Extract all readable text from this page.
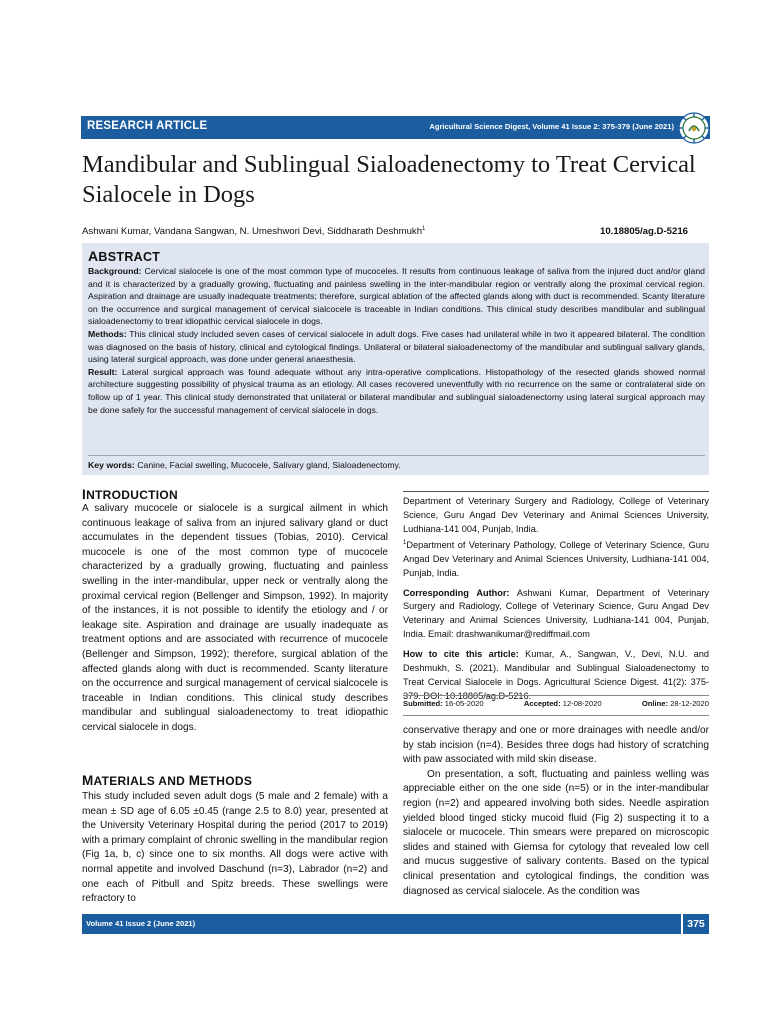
RESEARCH ARTICLE	Agricultural Science Digest, Volume 41 Issue 2: 375-379 (June 2021)
Mandibular and Sublingual Sialoadenectomy to Treat Cervical
Sialocele in Dogs
Ashwani Kumar, Vandana Sangwan, N. Umeshwori Devi, Siddharath Deshmukh$^1$	10.18805/ag.D-5216
ABSTRACT

Background: Cervical sialocele is one of the most common type of mucoceles. It results from continuous leakage of saliva from the injured duct and/or gland and it is characterized by a gradually growing, fluctuating and painless swelling in the inter-mandibular region or ventrally along the proximal cervical region. Aspiration and drainage are usually inadequate treatments; therefore, surgical ablation of the affected glands along with duct is recommended. Scanty literature on the occurrence and surgical management of cervical sialcocele is traceable in Indian conditions. This clinical study describes mandibular and sublingual sialoadenectomy to treat idiopathic cervical sialocele in dogs.

Methods: This clinical study included seven cases of cervical sialocele in adult dogs. Five cases had unilateral while in two it appeared bilateral. The condition was diagnosed on the basis of history, clinical and cytological findings. Unilateral or bilateral sialoadenectomy of the mandibular and sublingual salivary glands, using lateral surgical approach, was done under general anaesthesia.

Result: Lateral surgical approach was found adequate without any intra-operative complications. Histopathology of the resected glands showed normal architecture suggesting possibility of physical trauma as an etiology. All cases recovered uneventfully with no recurrence on the same or contralateral side on follow up of 1 year. This clinical study demonstrated that unilateral or bilateral mandibular and sublingual sialoadenectomy using lateral surgical approach may be done safely for the successful management of cervical sialocele in dogs.

Key words: Canine, Facial swelling, Mucocele, Salivary gland, Sialoadenectomy.
INTRODUCTION

A salivary mucocele or sialocele is a surgical ailment in which continuous leakage of saliva from an injured salivary gland or duct accumulates in the dependent tissues (Tobias, 2010). Cervical mucocele is one of the most common type of mucocele characterized by a gradually growing, fluctuating and painless swelling in the inter-mandibular, upper neck or ventrally along the proximal cervical region (Bellenger and Simpson, 1992). In majority of the instances, it is not possible to identify the etiology and / or leakage site. Aspiration and drainage are usually inadequate as treatment options and are associated with recurrence of mucocele (Bellenger and Simpson, 1992); therefore, surgical ablation of the affected glands along with duct is recommended. Scanty literature on the occurrence and surgical management of cervical sialcocele is traceable in Indian conditions. This clinical study describes mandibular and sublingual sialoadenectomy to treat idiopathic cervical sialocele in dogs.

MATERIALS AND METHODS

This study included seven adult dogs (5 male and 2 female) with a mean ± SD age of 6.05 ±0.45 (range 2.5 to 8.0) year, presented at the University Veterinary Hospital during the period (2017 to 2019) with a primary complaint of chronic swelling in the mandibular region (Fig 1a, b, c) since one to six months. All dogs were active with normal appetite and involved Daschund (n=3), Labrador (n=2) and one each of Pitbull and Spitz breeds. These swellings were refractory to

Department of Veterinary Surgery and Radiology, College of Veterinary Science, Guru Angad Dev Veterinary and Animal Sciences University, Ludhiana-141 004, Punjab, India.

$^1$Department of Veterinary Pathology, College of Veterinary Science, Guru Angad Dev Veterinary and Animal Sciences University, Ludhiana-141 004, Punjab, India.

Corresponding Author: Ashwani Kumar, Department of Veterinary Surgery and Radiology, College of Veterinary Science, Guru Angad Dev Veterinary and Animal Sciences University, Ludhiana-141 004, Punjab, India. Email: drashwanikumar@rediffmail.com

How to cite this article: Kumar, A., Sangwan, V., Devi, N.U. and Deshmukh, S. (2021). Mandibular and Sublingual Sialoadenectomy to Treat Cervical Sialocele in Dogs. Agricultural Science Digest. 41(2): 375-

Submitted: 16-05-2020	Accepted: 12-08-2020	Online: 28-12-2020

conservative therapy and one or more drainages with needle and/or by stab incision (n=4). Besides three dogs had history of scratching with paw associated with mild skin disease.

On presentation, a soft, fluctuating and painless welling was appreciable either on the one side (n=5) or in the inter-mandibular region (n=2) and appeared involving both sides. Needle aspiration yielded blood tinged sticky mucoid fluid (Fig 2) suspecting it to a sialocele or mucocele. Thin smears were prepared on microscopic slides and stained with Giemsa for cytology that revealed low cell and mucus suggestive of salivary contents. Based on the typical clinical presentation and cytological findings, the condition was diagnosed as cervical sialocele. As the condition was

Volume 41 Issue 2 (June 2021)	375
